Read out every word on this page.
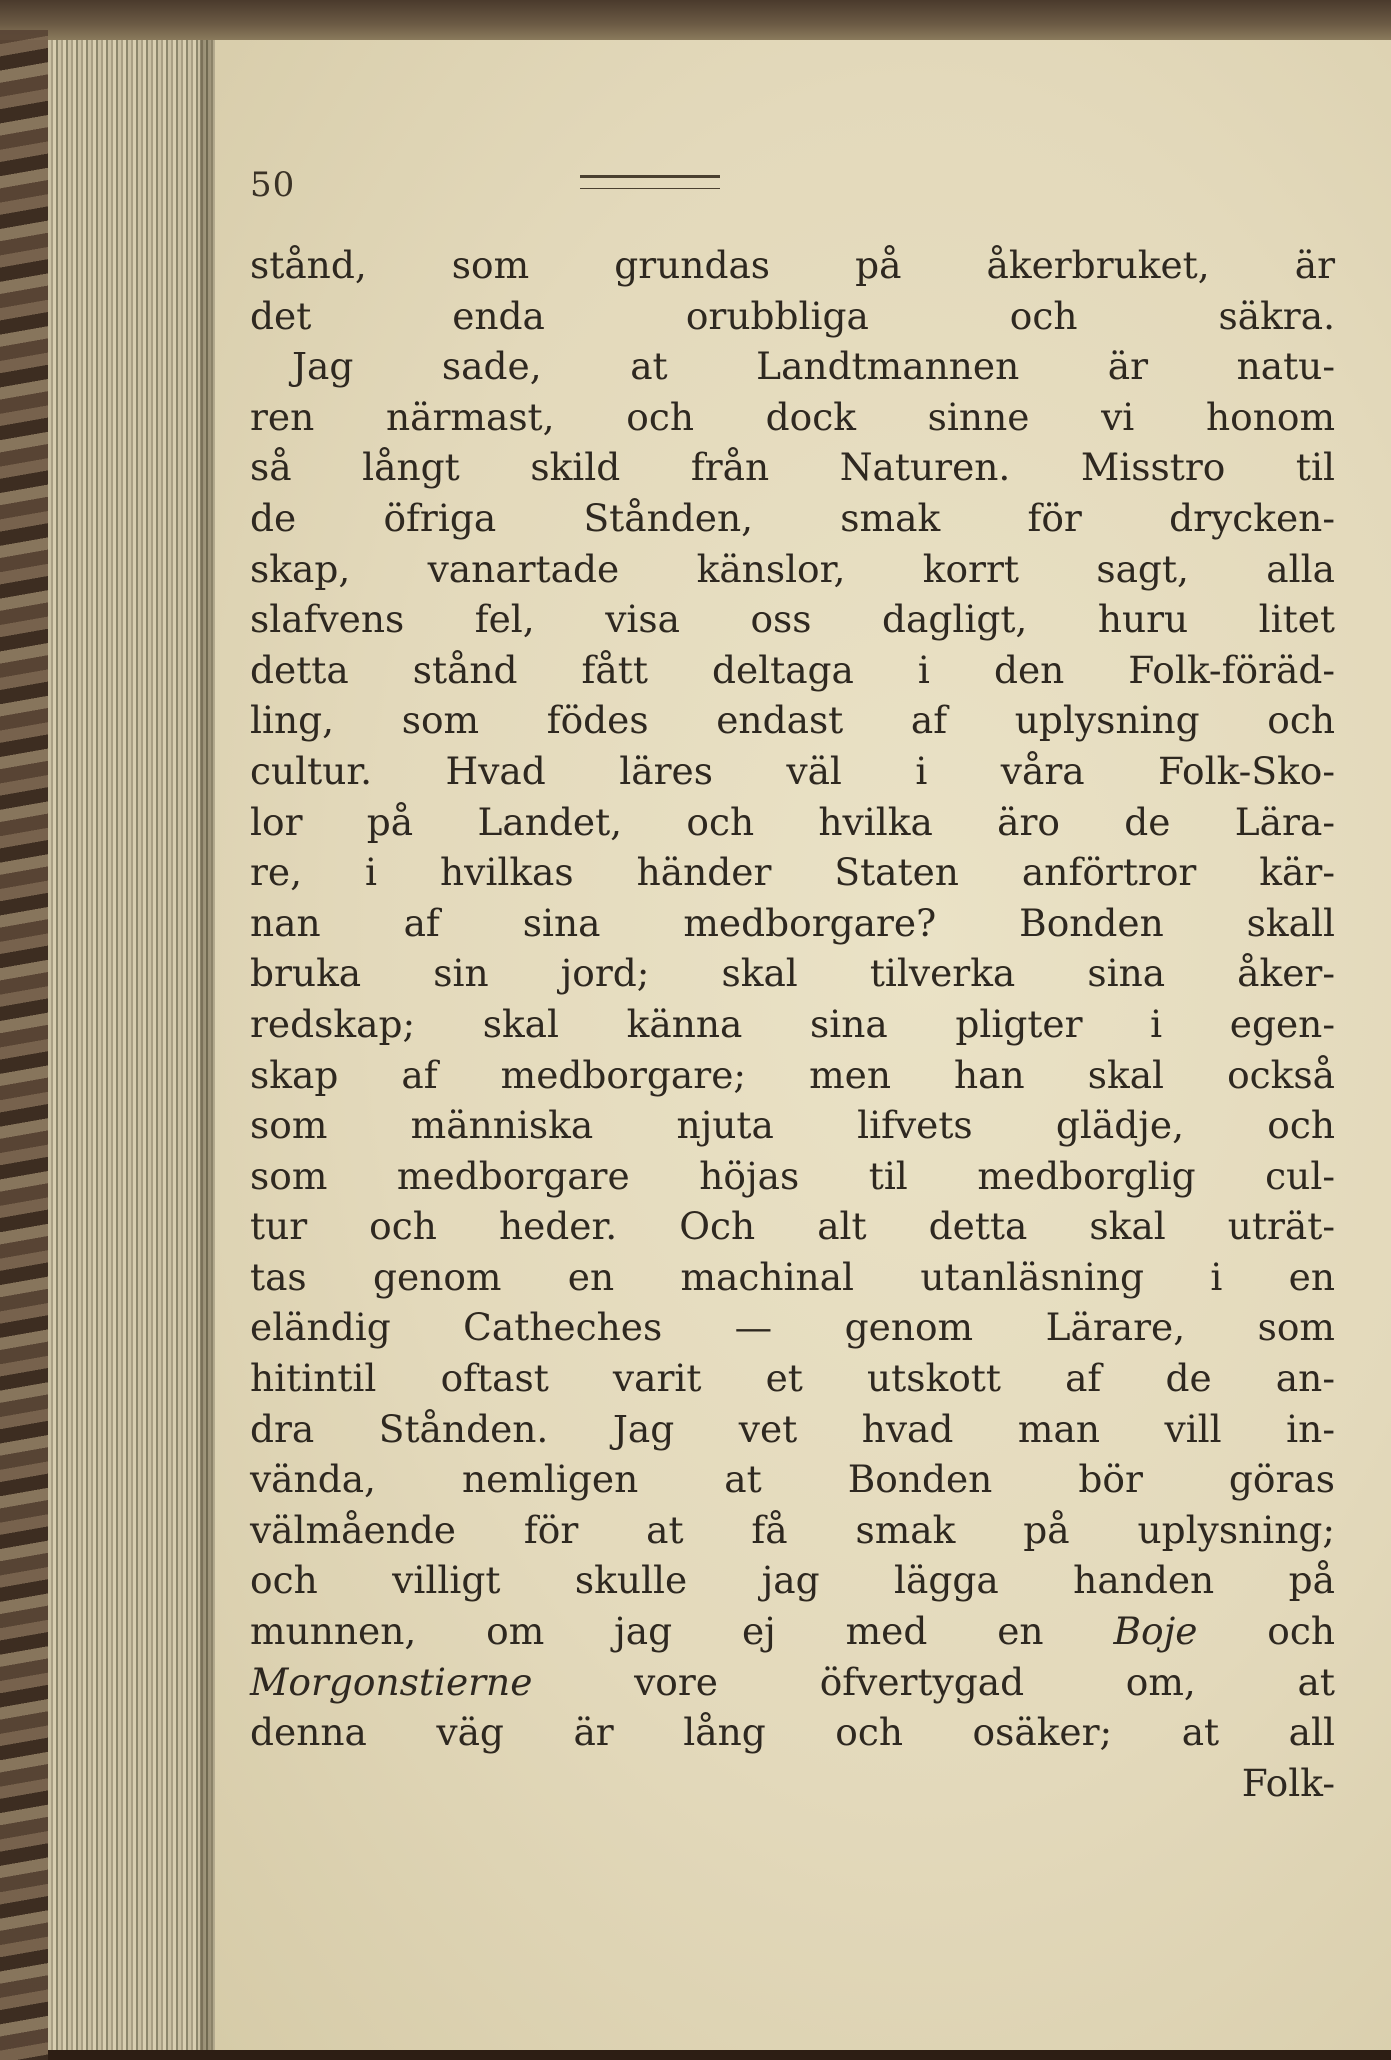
50
stånd, som grundas på åkerbruket, är
det enda orubbliga och säkra.
Jag sade, at Landtmannen är natu-
ren närmast, och dock sinne vi honom
så långt skild från Naturen. Misstro til
de öfriga Stånden, smak för drycken-
skap, vanartade känslor, korrt sagt, alla
slafvens fel, visa oss dagligt, huru litet
detta stånd fått deltaga i den Folk-föräd-
ling, som födes endast af uplysning och
cultur. Hvad läres väl i våra Folk-Sko-
lor på Landet, och hvilka äro de Lära-
re, i hvilkas händer Staten anförtror kär-
nan af sina medborgare? Bonden skall
bruka sin jord; skal tilverka sina åker-
redskap; skal känna sina pligter i egen-
skap af medborgare; men han skal också
som människa njuta lifvets glädje, och
som medborgare höjas til medborglig cul-
tur och heder. Och alt detta skal uträt-
tas genom en machinal utanläsning i en
eländig Catheches — genom Lärare, som
hitintil oftast varit et utskott af de an-
dra Stånden. Jag vet hvad man vill in-
vända, nemligen at Bonden bör göras
välmående för at få smak på uplysning;
och villigt skulle jag lägga handen på
munnen, om jag ej med en Boje och
Morgonstierne vore öfvertygad om, at
denna väg är lång och osäker; at all
Folk-
